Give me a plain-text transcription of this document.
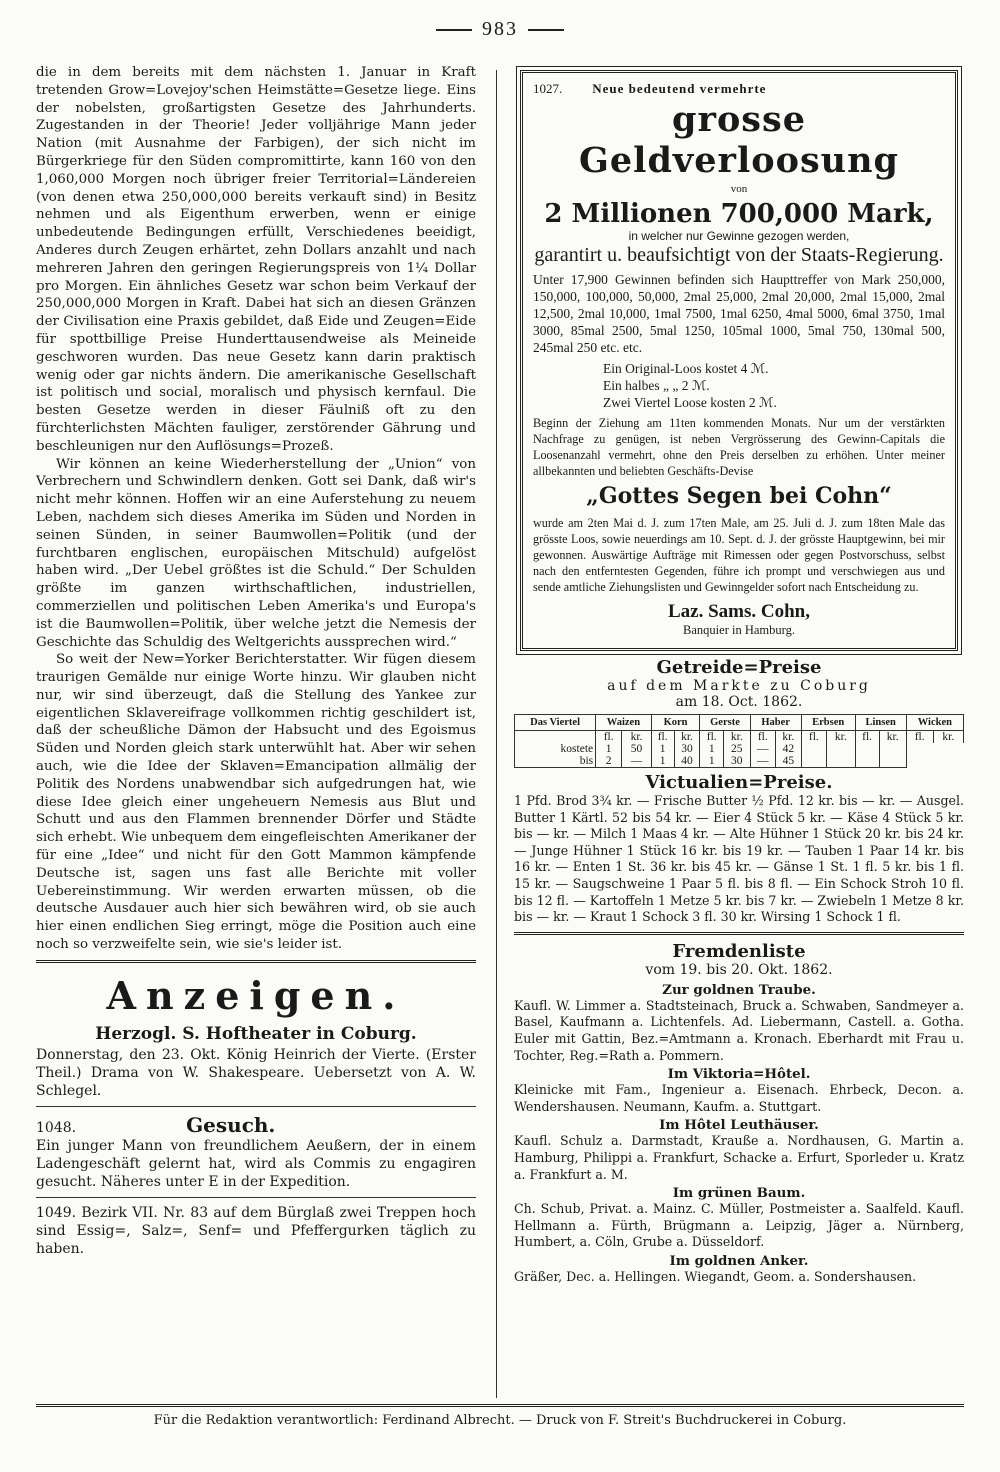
983

die in dem bereits mit dem nächsten 1. Januar in Kraft tretenden Grow=Lovejoy'schen Heimstätte=Gesetze liege. Eins der nobelsten, großartigsten Gesetze des Jahrhunderts. Zugestanden in der Theorie! Jeder volljährige Mann jeder Nation (mit Ausnahme der Farbigen), der sich nicht im Bürgerkriege für den Süden compromittirte, kann 160 von den 1,060,000 Morgen noch übriger freier Territorial=Ländereien (von denen etwa 250,000,000 bereits verkauft sind) in Besitz nehmen und als Eigenthum erwerben, wenn er einige unbedeutende Bedingungen erfüllt, Verschiedenes beeidigt, Anderes durch Zeugen erhärtet, zehn Dollars anzahlt und nach mehreren Jahren den geringen Regierungspreis von 1¼ Dollar pro Morgen. Ein ähnliches Gesetz war schon beim Verkauf der 250,000,000 Morgen in Kraft. Dabei hat sich an diesen Gränzen der Civilisation eine Praxis gebildet, daß Eide und Zeugen=Eide für spottbillige Preise Hunderttausendweise als Meineide geschworen wurden. Das neue Gesetz kann darin praktisch wenig oder gar nichts ändern. Die amerikanische Gesellschaft ist politisch und social, moralisch und physisch kernfaul. Die besten Gesetze werden in dieser Fäulniß oft zu den fürchterlichsten Mächten fauliger, zerstörender Gährung und beschleunigen nur den Auflösungs=Prozeß.

Wir können an keine Wiederherstellung der „Union“ von Verbrechern und Schwindlern denken. Gott sei Dank, daß wir's nicht mehr können. Hoffen wir an eine Auferstehung zu neuem Leben, nachdem sich dieses Amerika im Süden und Norden in seinen Sünden, in seiner Baumwollen=Politik (und der furchtbaren englischen, europäischen Mitschuld) aufgelöst haben wird. „Der Uebel größtes ist die Schuld.“ Der Schulden größte im ganzen wirthschaftlichen, industriellen, commerziellen und politischen Leben Amerika's und Europa's ist die Baumwollen=Politik, über welche jetzt die Nemesis der Geschichte das Schuldig des Weltgerichts aussprechen wird.“

So weit der New=Yorker Berichterstatter. Wir fügen diesem traurigen Gemälde nur einige Worte hinzu. Wir glauben nicht nur, wir sind überzeugt, daß die Stellung des Yankee zur eigentlichen Sklavereifrage vollkommen richtig geschildert ist, daß der scheußliche Dämon der Habsucht und des Egoismus Süden und Norden gleich stark unterwühlt hat. Aber wir sehen auch, wie die Idee der Sklaven=Emancipation allmälig der Politik des Nordens unabwendbar sich aufgedrungen hat, wie diese Idee gleich einer ungeheuern Nemesis aus Blut und Schutt und aus den Flammen brennender Dörfer und Städte sich erhebt. Wie unbequem dem eingefleischten Amerikaner der für eine „Idee“ und nicht für den Gott Mammon kämpfende Deutsche ist, sagen uns fast alle Berichte mit voller Uebereinstimmung. Wir werden erwarten müssen, ob die deutsche Ausdauer auch hier sich bewähren wird, ob sie auch hier einen endlichen Sieg erringt, möge die Position auch eine noch so verzweifelte sein, wie sie's leider ist.

Anzeigen.
Herzogl. S. Hoftheater in Coburg.

Donnerstag, den 23. Okt. König Heinrich der Vierte. (Erster Theil.) Drama von W. Shakespeare. Uebersetzt von A. W. Schlegel.

1048.	Gesuch.

Ein junger Mann von freundlichem Aeußern, der in einem Ladengeschäft gelernt hat, wird als Commis zu engagiren gesucht. Näheres unter E in der Expedition.

1049. Bezirk VII. Nr. 83 auf dem Bürglaß zwei Treppen hoch sind Essig=, Salz=, Senf= und Pfeffergurken täglich zu haben.

1027. Neue bedeutend vermehrte
grosse Geldverloosung
von
2 Millionen 700,000 Mark,
in welcher nur Gewinne gezogen werden,
garantirt u. beaufsichtigt von der Staats-Regierung.
Unter 17,900 Gewinnen befinden sich Haupttreffer von Mark 250,000, 150,000, 100,000, 50,000, 2mal 25,000, 2mal 20,000, 2mal 15,000, 2mal 12,500, 2mal 10,000, 1mal 7500, 1mal 6250, 4mal 5000, 6mal 3750, 1mal 3000, 85mal 2500, 5mal 1250, 105mal 1000, 5mal 750, 130mal 500, 245mal 250 etc. etc.
Ein Original-Loos kostet 4 ℳ.
Ein halbes „ „ 2 ℳ.
Zwei Viertel Loose kosten 2 ℳ.
Beginn der Ziehung am 11ten kommenden Monats. Nur um der verstärkten Nachfrage zu genügen, ist neben Vergrösserung des Gewinn-Capitals die Loosenanzahl vermehrt, ohne den Preis derselben zu erhöhen. Unter meiner allbekannten und beliebten Geschäfts-Devise
„Gottes Segen bei Cohn“
wurde am 2ten Mai d. J. zum 17ten Male, am 25. Juli d. J. zum 18ten Male das grösste Loos, sowie neuerdings am 10. Sept. d. J. der grösste Hauptgewinn, bei mir gewonnen. Auswärtige Aufträge mit Rimessen oder gegen Postvorschuss, selbst nach den entferntesten Gegenden, führe ich prompt und verschwiegen aus und sende amtliche Ziehungslisten und Gewinngelder sofort nach Entscheidung zu.
Laz. Sams. Cohn,
Banquier in Hamburg.
Getreide=Preise
auf dem Markte zu Coburg
am 18. Oct. 1862.
Das Viertel	Waizen		Korn		Gerste		Haber		Erbsen		Linsen		Wicken	
	fl.	kr.	fl.	kr.	fl.	kr.	fl.	kr.	fl.	kr.	fl.	kr.	fl.	kr.
kostete	1	50	1	30	1	25	—	42						
bis	2	—	1	40	1	30	—	45						
Victualien=Preise.

1 Pfd. Brod 3¾ kr. — Frische Butter ½ Pfd. 12 kr. bis — kr. — Ausgel. Butter 1 Kärtl. 52 bis 54 kr. — Eier 4 Stück 5 kr. — Käse 4 Stück 5 kr. bis — kr. — Milch 1 Maas 4 kr. — Alte Hühner 1 Stück 20 kr. bis 24 kr. — Junge Hühner 1 Stück 16 kr. bis 19 kr. — Tauben 1 Paar 14 kr. bis 16 kr. — Enten 1 St. 36 kr. bis 45 kr. — Gänse 1 St. 1 fl. 5 kr. bis 1 fl. 15 kr. — Saugschweine 1 Paar 5 fl. bis 8 fl. — Ein Schock Stroh 10 fl. bis 12 fl. — Kartoffeln 1 Metze 5 kr. bis 7 kr. — Zwiebeln 1 Metze 8 kr. bis — kr. — Kraut 1 Schock 3 fl. 30 kr. Wirsing 1 Schock 1 fl.

Fremdenliste
vom 19. bis 20. Okt. 1862.
Zur goldnen Traube.

Kaufl. W. Limmer a. Stadtsteinach, Bruck a. Schwaben, Sandmeyer a. Basel, Kaufmann a. Lichtenfels. Ad. Liebermann, Castell. a. Gotha. Euler mit Gattin, Bez.=Amtmann a. Kronach. Eberhardt mit Frau u. Tochter, Reg.=Rath a. Pommern.

Im Viktoria=Hôtel.

Kleinicke mit Fam., Ingenieur a. Eisenach. Ehrbeck, Decon. a. Wendershausen. Neumann, Kaufm. a. Stuttgart.

Im Hôtel Leuthäuser.

Kaufl. Schulz a. Darmstadt, Krauße a. Nordhausen, G. Martin a. Hamburg, Philippi a. Frankfurt, Schacke a. Erfurt, Sporleder u. Kratz a. Frankfurt a. M.

Im grünen Baum.

Ch. Schub, Privat. a. Mainz. C. Müller, Postmeister a. Saalfeld. Kaufl. Hellmann a. Fürth, Brügmann a. Leipzig, Jäger a. Nürnberg, Humbert, a. Cöln, Grube a. Düsseldorf.

Im goldnen Anker.

Gräßer, Dec. a. Hellingen. Wiegandt, Geom. a. Sondershausen.

Für die Redaktion verantwortlich: Ferdinand Albrecht. — Druck von F. Streit's Buchdruckerei in Coburg.
